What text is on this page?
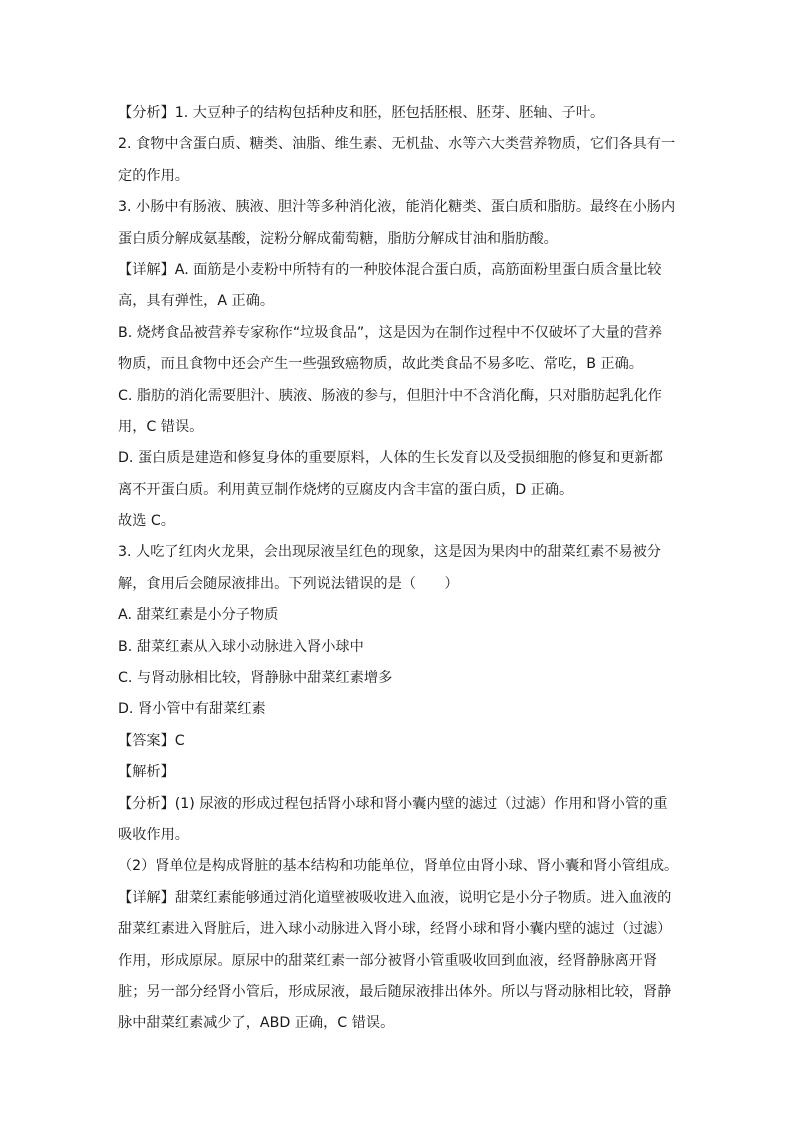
【分析】1. 大豆种子的结构包括种皮和胚，胚包括胚根、胚芽、胚轴、子叶。
2. 食物中含蛋白质、糖类、油脂、维生素、无机盐、水等六大类营养物质，它们各具有一
定的作用。
3. 小肠中有肠液、胰液、胆汁等多种消化液，能消化糖类、蛋白质和脂肪。最终在小肠内
蛋白质分解成氨基酸，淀粉分解成葡萄糖，脂肪分解成甘油和脂肪酸。
【详解】A. 面筋是小麦粉中所特有的一种胶体混合蛋白质，高筋面粉里蛋白质含量比较
高，具有弹性，A 正确。
B. 烧烤食品被营养专家称作“垃圾食品”，这是因为在制作过程中不仅破坏了大量的营养
物质，而且食物中还会产生一些强致癌物质，故此类食品不易多吃、常吃，B 正确。
C. 脂肪的消化需要胆汁、胰液、肠液的参与，但胆汁中不含消化酶，只对脂肪起乳化作
用，C 错误。
D. 蛋白质是建造和修复身体的重要原料，人体的生长发育以及受损细胞的修复和更新都
离不开蛋白质。利用黄豆制作烧烤的豆腐皮内含丰富的蛋白质，D 正确。
故选 C。
3. 人吃了红肉火龙果，会出现尿液呈红色的现象，这是因为果肉中的甜菜红素不易被分
解，食用后会随尿液排出。下列说法错误的是（　　）
A. 甜菜红素是小分子物质
B. 甜菜红素从入球小动脉进入肾小球中
C. 与肾动脉相比较，肾静脉中甜菜红素增多
D. 肾小管中有甜菜红素
【答案】C
【解析】
【分析】(1) 尿液的形成过程包括肾小球和肾小囊内壁的滤过（过滤）作用和肾小管的重
吸收作用。
（2）肾单位是构成肾脏的基本结构和功能单位，肾单位由肾小球、肾小囊和肾小管组成。
【详解】甜菜红素能够通过消化道壁被吸收进入血液，说明它是小分子物质。进入血液的
甜菜红素进入肾脏后，进入球小动脉进入肾小球，经肾小球和肾小囊内壁的滤过（过滤）
作用，形成原尿。原尿中的甜菜红素一部分被肾小管重吸收回到血液，经肾静脉离开肾
脏；另一部分经肾小管后，形成尿液，最后随尿液排出体外。所以与肾动脉相比较，肾静
脉中甜菜红素减少了，ABD 正确，C 错误。
